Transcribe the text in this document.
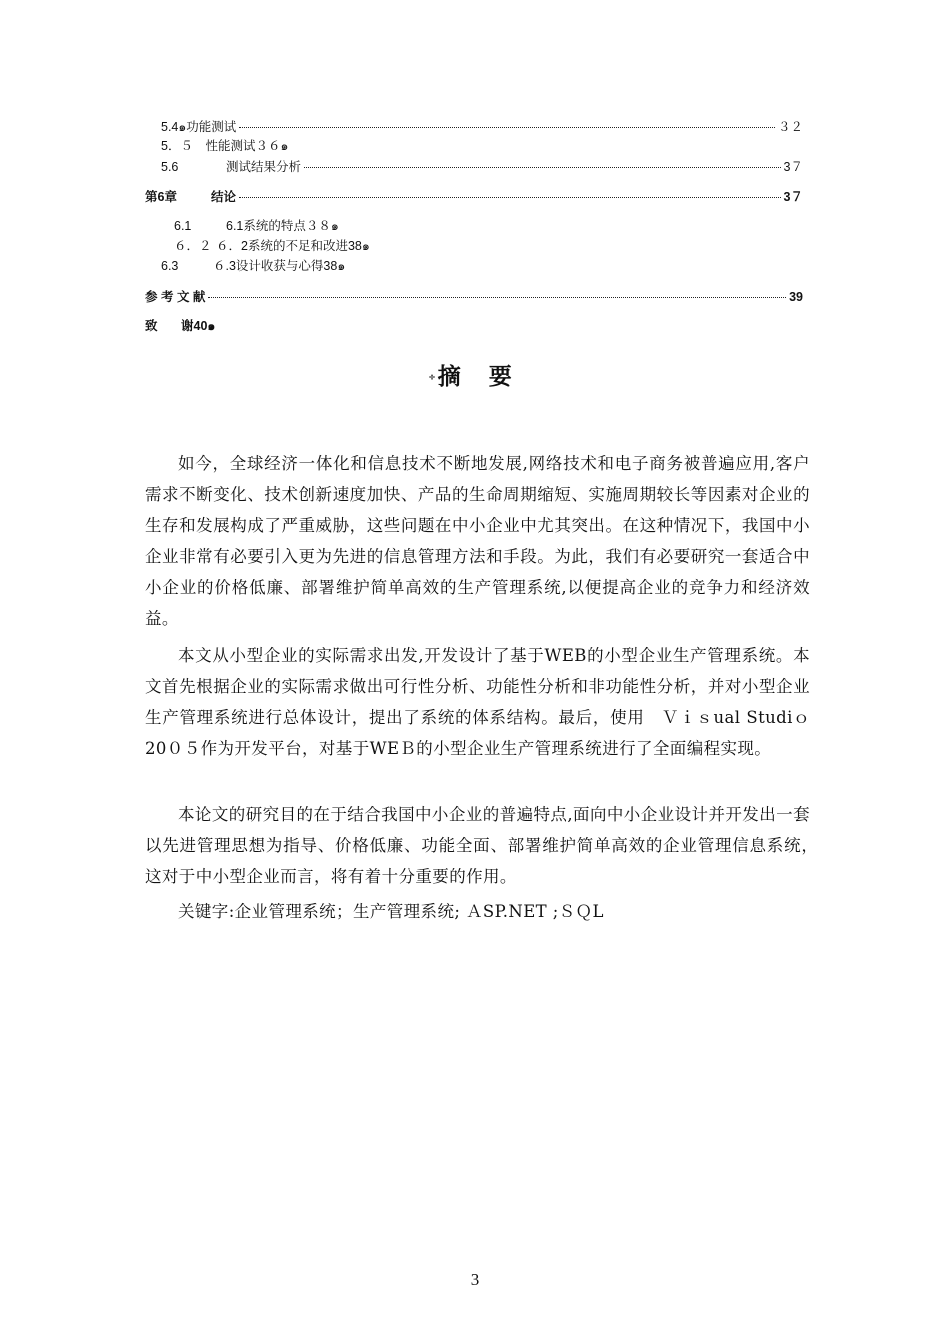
5.4๑功能测试	３２
5．５　性能测试３６๑
5.6	测试结果分析	3７
第6章	结论	3７
6.1	6.1系统的特点３８๑
６．２ ６．2系统的不足和改进38๑
6.3	６.3设计收获与心得38๑
参 考 文 献	39
致 谢40๑
÷摘 要

如今，全球经济一体化和信息技术不断地发展,网络技术和电子商务被普遍应用,客户需求不断变化、技术创新速度加快、产品的生命周期缩短、实施周期较长等因素对企业的生存和发展构成了严重威胁，这些问题在中小企业中尤其突出。在这种情况下，我国中小企业非常有必要引入更为先进的信息管理方法和手段。为此，我们有必要研究一套适合中小企业的价格低廉、部署维护简单高效的生产管理系统,以便提高企业的竞争力和经济效益。

本文从小型企业的实际需求出发,开发设计了基于WEB的小型企业生产管理系统。本文首先根据企业的实际需求做出可行性分析、功能性分析和非功能性分析，并对小型企业生产管理系统进行总体设计，提出了系统的体系结构。最后，使用　Ｖｉｓual Studiｏ20０５作为开发平台，对基于WEＢ的小型企业生产管理系统进行了全面编程实现。

本论文的研究目的在于结合我国中小企业的普遍特点,面向中小企业设计并开发出一套以先进管理思想为指导、价格低廉、功能全面、部署维护简单高效的企业管理信息系统，　这对于中小型企业而言，将有着十分重要的作用。

关键字:企业管理系统；生产管理系统; ＡSP.NET ;ＳＱL

3
